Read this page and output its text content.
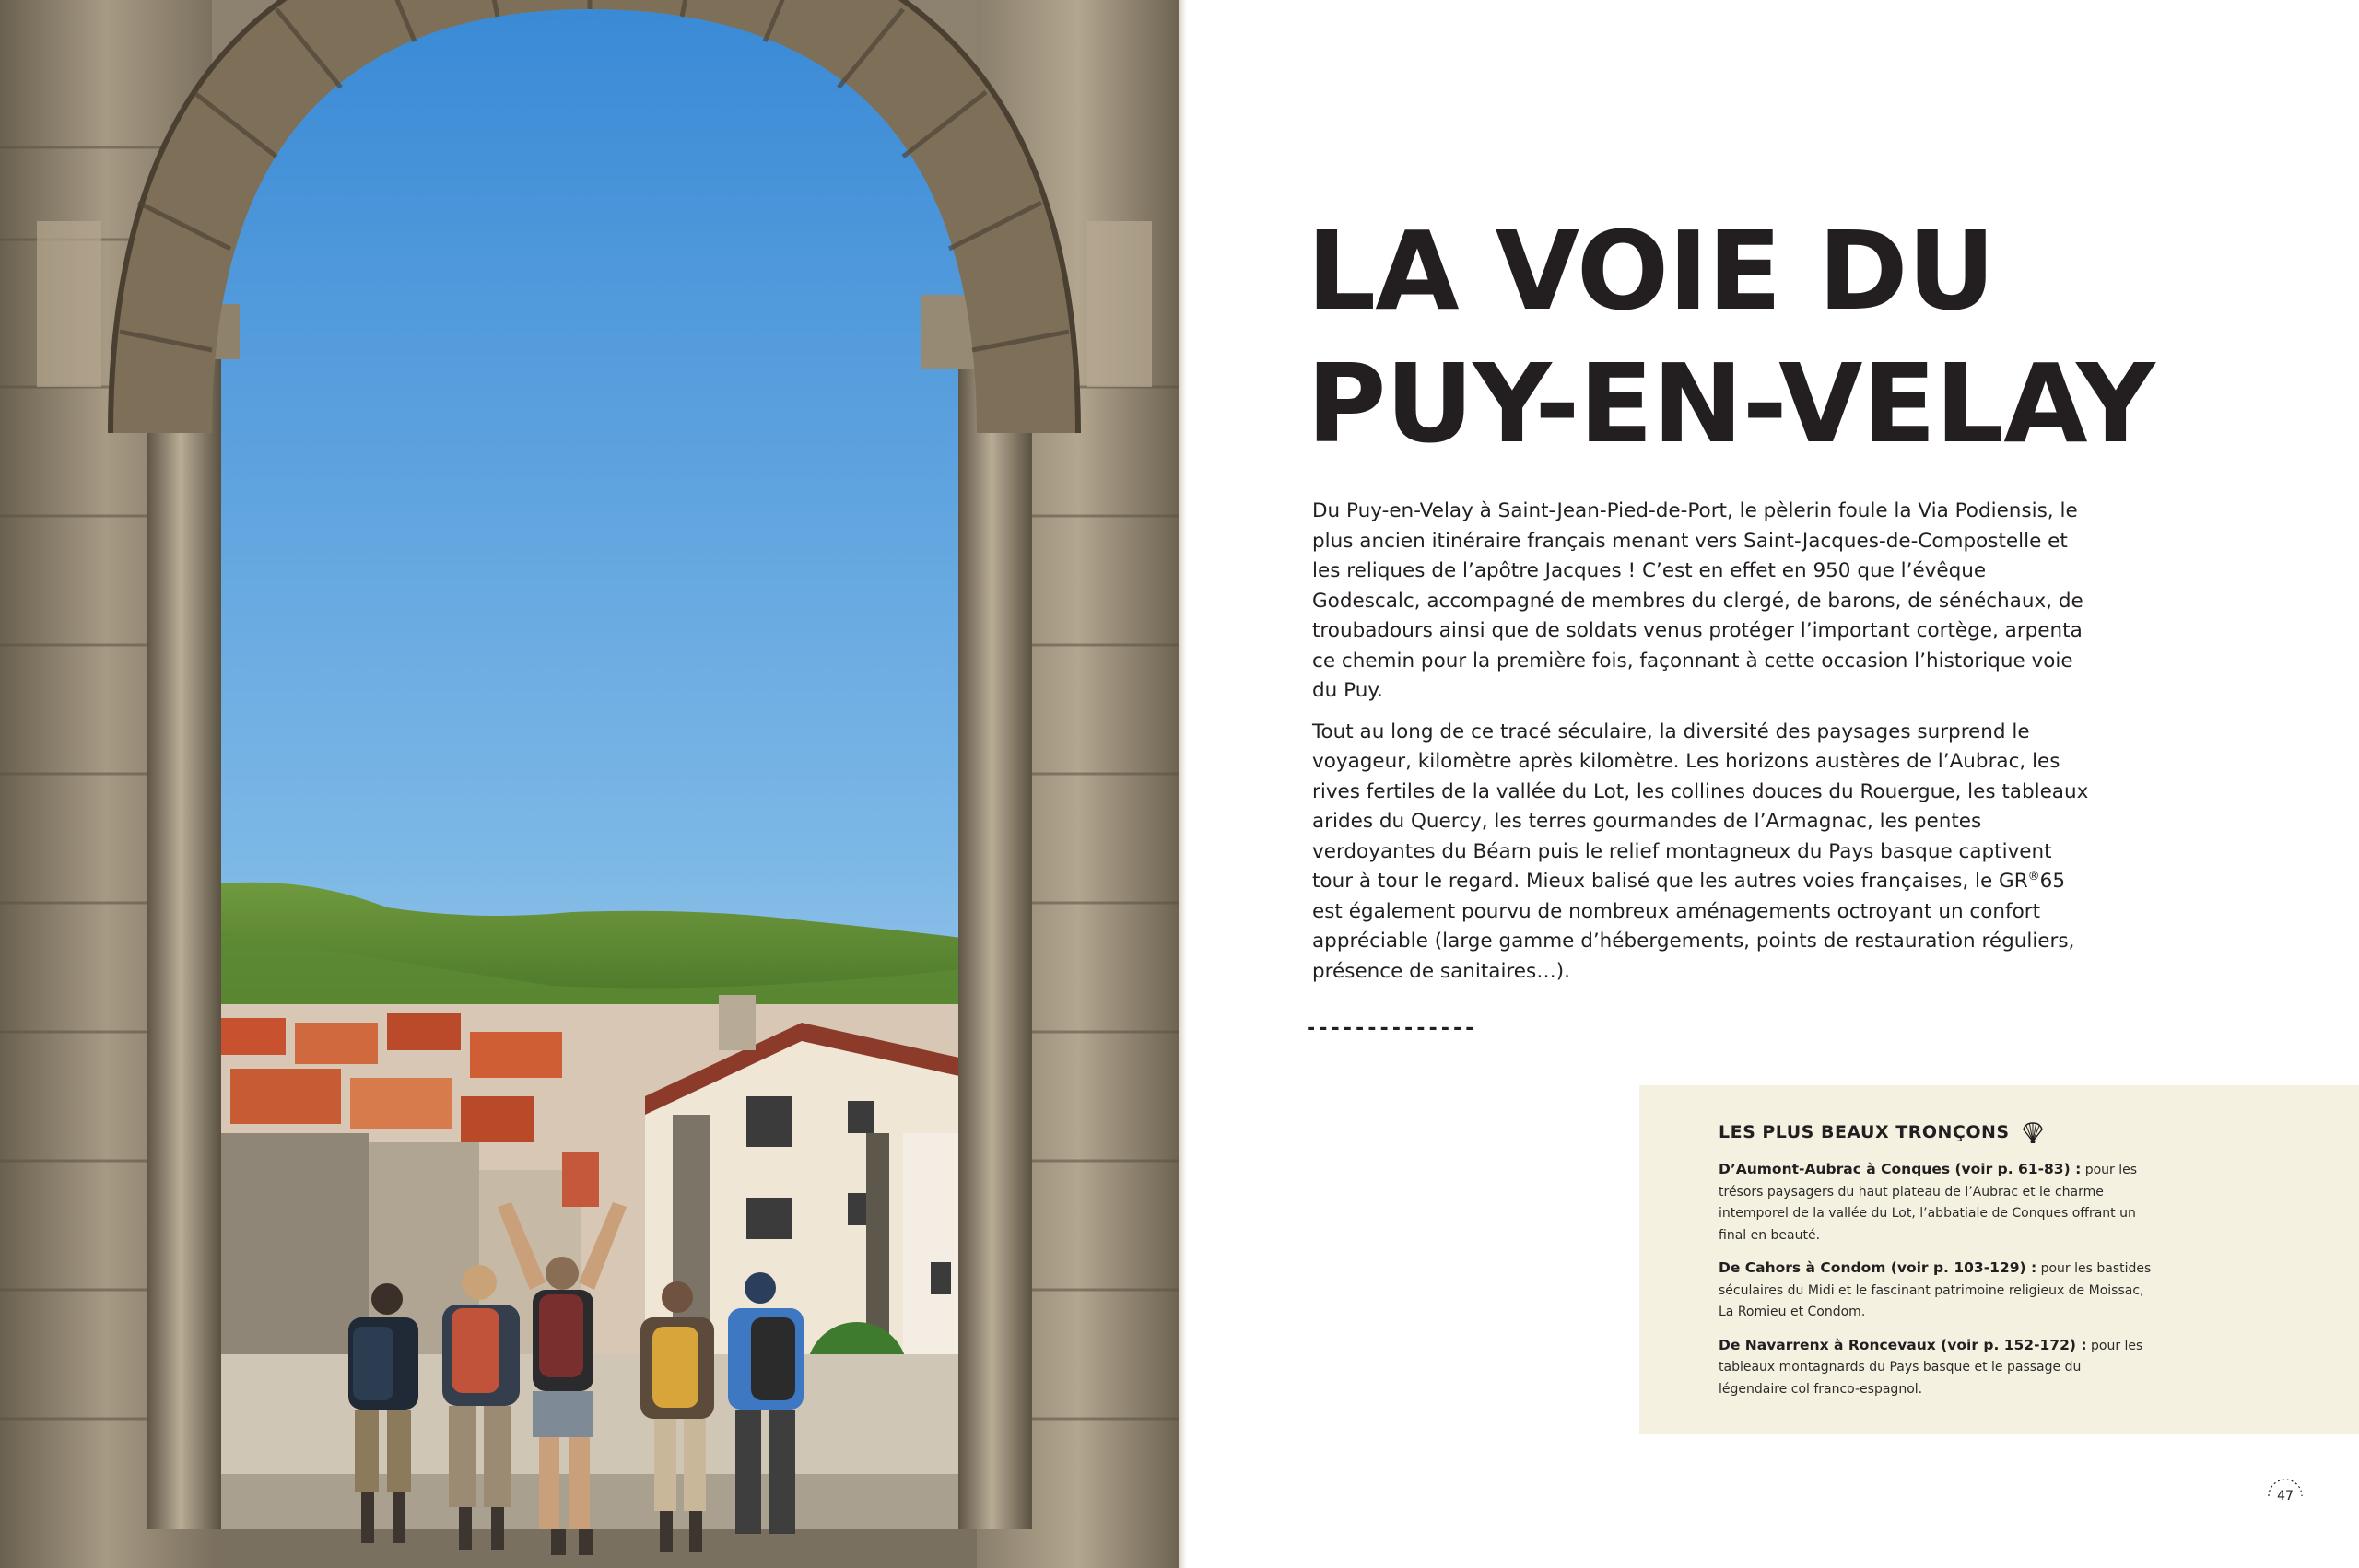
LA VOIE DU
PUY-EN-VELAY

Du Puy-en-Velay à Saint-Jean-Pied-de-Port, le pèlerin foule la Via Podiensis, le plus ancien itinéraire français menant vers Saint-Jacques-de-Compostelle et les reliques de l’apôtre Jacques ! C’est en effet en 950 que l’évêque Godescalc, accompagné de membres du clergé, de barons, de sénéchaux, de troubadours ainsi que de soldats venus protéger l’important cortège, arpenta ce chemin pour la première fois, façonnant à cette occasion l’historique voie du Puy.

Tout au long de ce tracé séculaire, la diversité des paysages surprend le voyageur, kilomètre après kilomètre. Les horizons austères de l’Aubrac, les rives fertiles de la vallée du Lot, les collines douces du Rouergue, les tableaux arides du Quercy, les terres gourmandes de l’Armagnac, les pentes verdoyantes du Béarn puis le relief montagneux du Pays basque captivent tour à tour le regard. Mieux balisé que les autres voies françaises, le GR®65 est également pourvu de nombreux aménagements octroyant un confort appréciable (large gamme d’hébergements, points de restauration réguliers, présence de sanitaires…).

--------------
LES PLUS BEAUX TRONÇONS
D’Aumont-Aubrac à Conques (voir p. 61-83) : pour les trésors paysagers du haut plateau de l’Aubrac et le charme intemporel de la vallée du Lot, l’abbatiale de Conques offrant un final en beauté.
De Cahors à Condom (voir p. 103-129) : pour les bastides séculaires du Midi et le fascinant patrimoine religieux de Moissac, La Romieu et Condom.
De Navarrenx à Roncevaux (voir p. 152-172) : pour les tableaux montagnards du Pays basque et le passage du légendaire col franco-espagnol.
47
